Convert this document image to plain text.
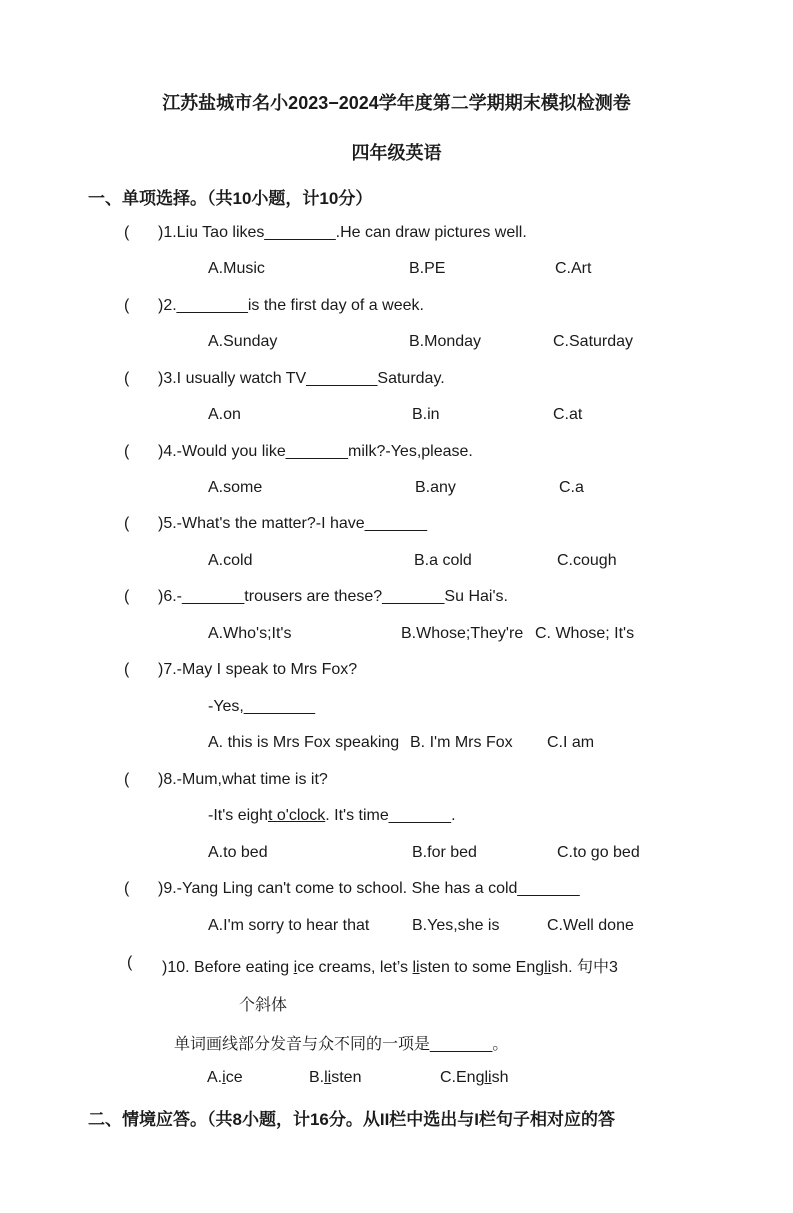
江苏盐城市名小2023−2024学年度第二学期期末模拟检测卷
四年级英语
一、单项选择。（共10小题，计10分）
( )1.Liu Tao likes________.He can draw pictures well.
A.Music	B.PE	C.Art
( )2.________is the first day of a week.
A.Sunday	B.Monday	C.Saturday
( )3.I usually watch TV________Saturday.
A.on	B.in	C.at
( )4.-Would you like_______milk?-Yes,please.
A.some	B.any	C.a
( )5.-What's the matter?-I have_______
A.cold	B.a cold	C.cough
( )6.-_______trousers are these?_______Su Hai's.
A.Who's;It's	B.Whose;They're C. Whose; It's
( )7.-May I speak to Mrs Fox?
-Yes,________
A. this is Mrs Fox speaking B. I'm Mrs Fox C.I am
( )8.-Mum,what time is it?
-It's eight o'clock. It's time_______.
A.to bed	B.for bed	C.to go bed
( )9.-Yang Ling can't come to school. She has a cold_______
A.I'm sorry to hear that	B.Yes,she is	C.Well done
( )10. Before eating ice creams, let’s listen to some English. 句中3
个斜体
单词画线部分发音与众不同的一项是_______。
A.ice	B.listen	C.English
二、情境应答。（共8小题，计16分。从II栏中选出与I栏句子相对应的答
